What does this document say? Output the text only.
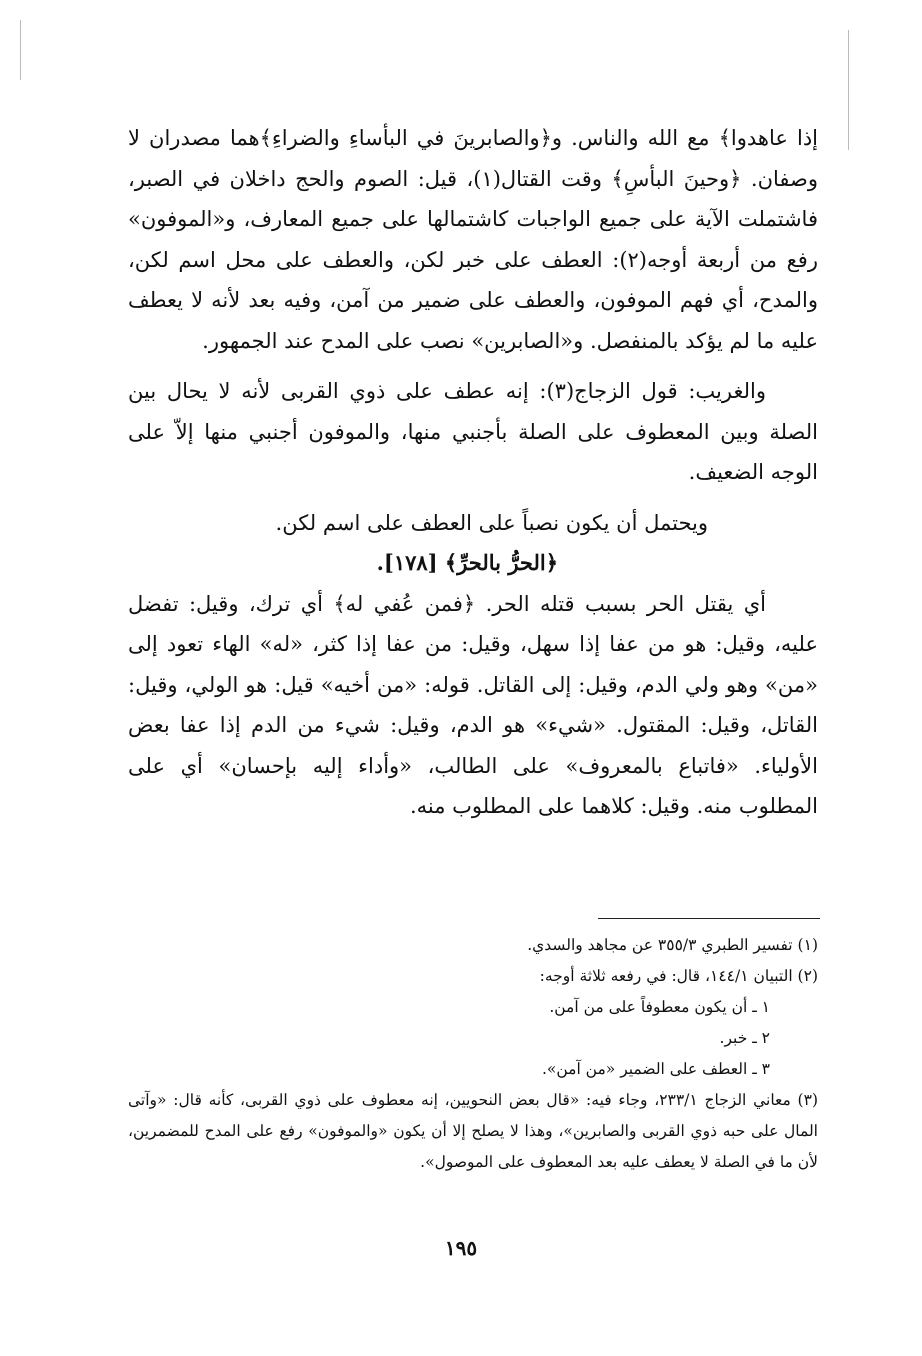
إذا عاهدوا﴾ مع الله والناس. و﴿والصابرينَ في البأساءِ والضراءِ﴾هما مصدران لا وصفان. ﴿وحينَ البأسِ﴾ وقت القتال(١)، قيل: الصوم والحج داخلان في الصبر، فاشتملت الآية على جميع الواجبات كاشتمالها على جميع المعارف، و«الموفون» رفع من أربعة أوجه(٢): العطف على خبر لكن، والعطف على محل اسم لكن، والمدح، أي فهم الموفون، والعطف على ضمير من آمن، وفيه بعد لأنه لا يعطف عليه ما لم يؤكد بالمنفصل. و«الصابرين» نصب على المدح عند الجمهور.

والغريب: قول الزجاج(٣): إنه عطف على ذوي القربى لأنه لا يحال بين الصلة وبين المعطوف على الصلة بأجنبي منها، والموفون أجنبي منها إلاّ على الوجه الضعيف.

ويحتمل أن يكون نصباً على العطف على اسم لكن.

﴿الحرُّ بالحرِّ﴾ [١٧٨].

أي يقتل الحر بسبب قتله الحر. ﴿فمن عُفي له﴾ أي ترك، وقيل: تفضل عليه، وقيل: هو من عفا إذا سهل، وقيل: من عفا إذا كثر، «له» الهاء تعود إلى «من» وهو ولي الدم، وقيل: إلى القاتل. قوله: «من أخيه» قيل: هو الولي، وقيل: القاتل، وقيل: المقتول. «شيء» هو الدم، وقيل: شيء من الدم إذا عفا بعض الأولياء. «فاتباع بالمعروف» على الطالب، «وأداء إليه بإحسان» أي على المطلوب منه. وقيل: كلاهما على المطلوب منه.

(١) تفسير الطبري ٣٥٥/٣ عن مجاهد والسدي.

(٢) التبيان ١٤٤/١، قال: في رفعه ثلاثة أوجه:

١ ـ أن يكون معطوفاً على من آمن.

٢ ـ خبر.

٣ ـ العطف على الضمير «من آمن».

(٣) معاني الزجاج ٢٣٣/١، وجاء فيه: «قال بعض النحويين، إنه معطوف على ذوي القربى، كأنه قال: «وآتى المال على حبه ذوي القربى والصابرين»، وهذا لا يصلح إلا أن يكون «والموفون» رفع على المدح للمضمرين، لأن ما في الصلة لا يعطف عليه بعد المعطوف على الموصول».

١٩٥
